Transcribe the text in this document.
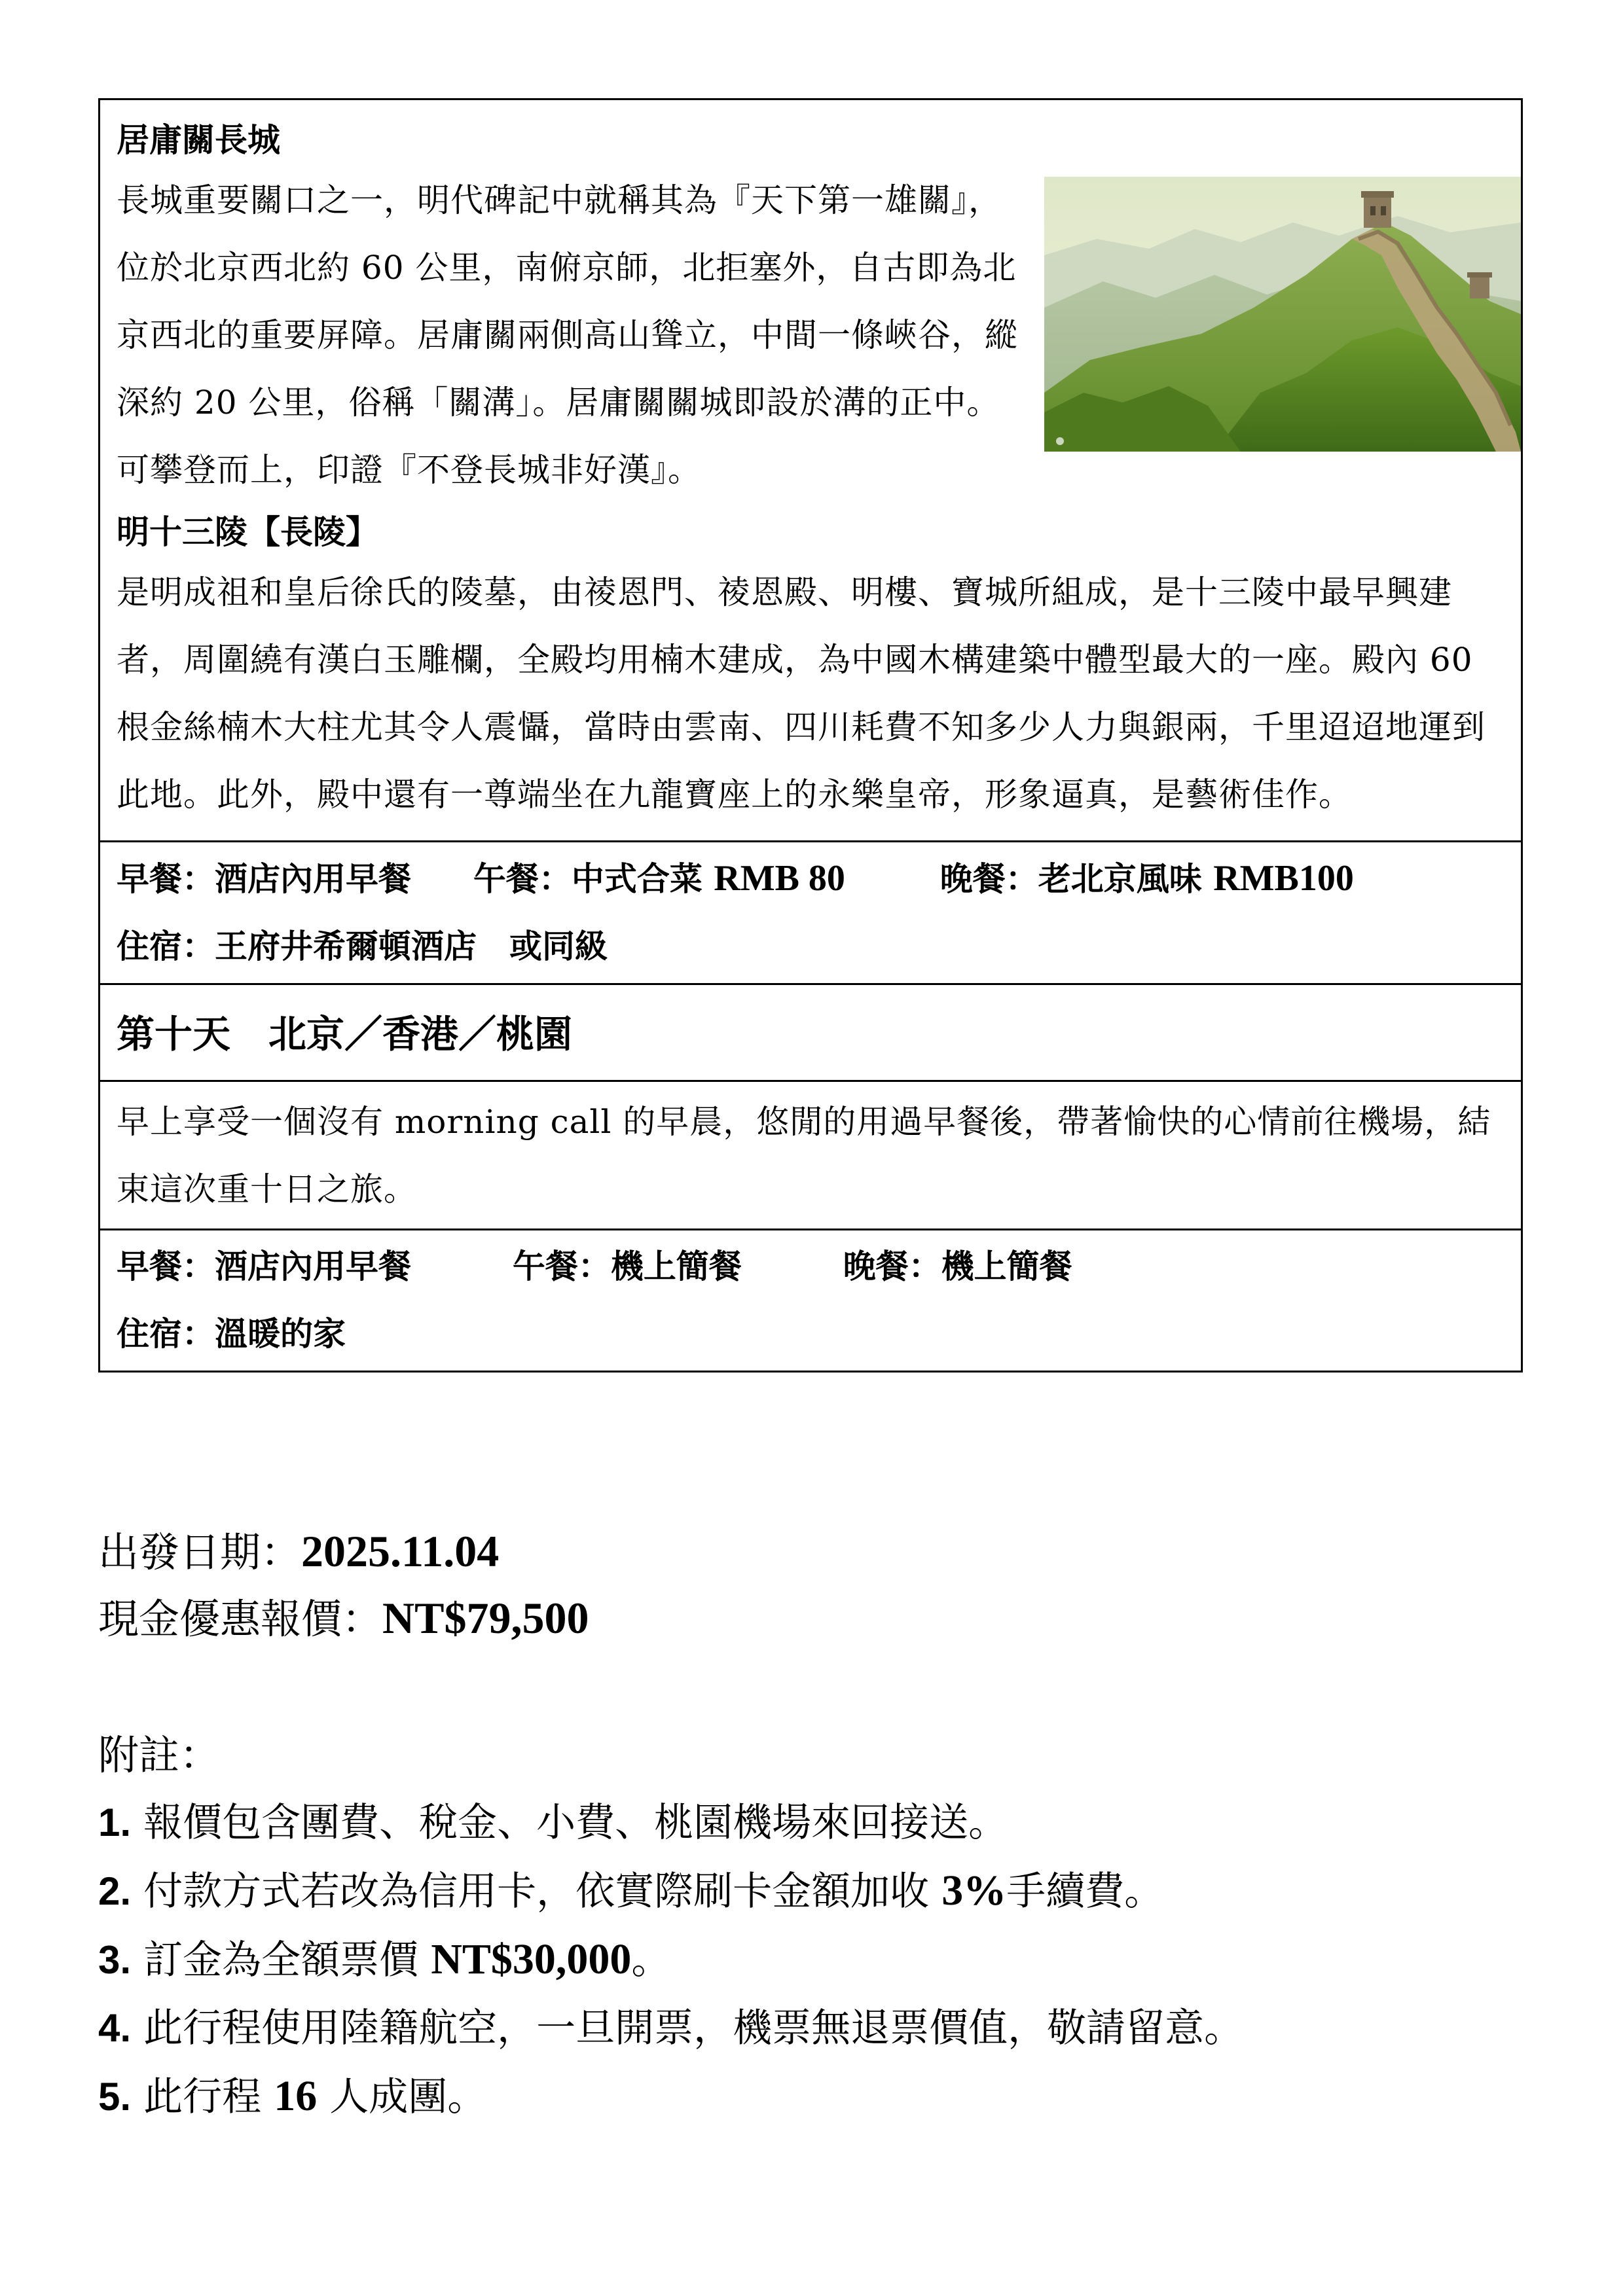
居庸關長城
長城重要關口之一，明代碑記中就稱其為『天下第一雄關』，位於北京西北約 60 公里，南俯京師，北拒塞外，自古即為北京西北的重要屏障。居庸關兩側高山聳立，中間一條峽谷，縱深約 20 公里，俗稱「關溝」。居庸關關城即設於溝的正中。可攀登而上，印證『不登長城非好漢』。
明十三陵【長陵】
是明成祖和皇后徐氏的陵墓，由祾恩門、祾恩殿、明樓、寶城所組成，是十三陵中最早興建者，周圍繞有漢白玉雕欄，全殿均用楠木建成，為中國木構建築中體型最大的一座。殿內 60 根金絲楠木大柱尤其令人震懾，當時由雲南、四川耗費不知多少人力與銀兩，千里迢迢地運到此地。此外，殿中還有一尊端坐在九龍寶座上的永樂皇帝，形象逼真，是藝術佳作。

早餐：酒店內用早餐 午餐：中式合菜 RMB 80	晚餐：老北京風味 RMB100
住宿：王府井希爾頓酒店　或同級

第十天　北京／香港／桃園

早上享受一個沒有 morning call 的早晨，悠閒的用過早餐後，帶著愉快的心情前往機場，結束這次重十日之旅。

早餐：酒店內用早餐	午餐：機上簡餐	晚餐：機上簡餐
住宿：溫暖的家
出發日期：2025.11.04
現金優惠報價：NT$79,500
附註：
1. 報價包含團費、稅金、小費、桃園機場來回接送。
2. 付款方式若改為信用卡，依實際刷卡金額加收 3%手續費。
3. 訂金為全額票價 NT$30,000。
4. 此行程使用陸籍航空，一旦開票，機票無退票價值，敬請留意。
5. 此行程 16 人成團。
